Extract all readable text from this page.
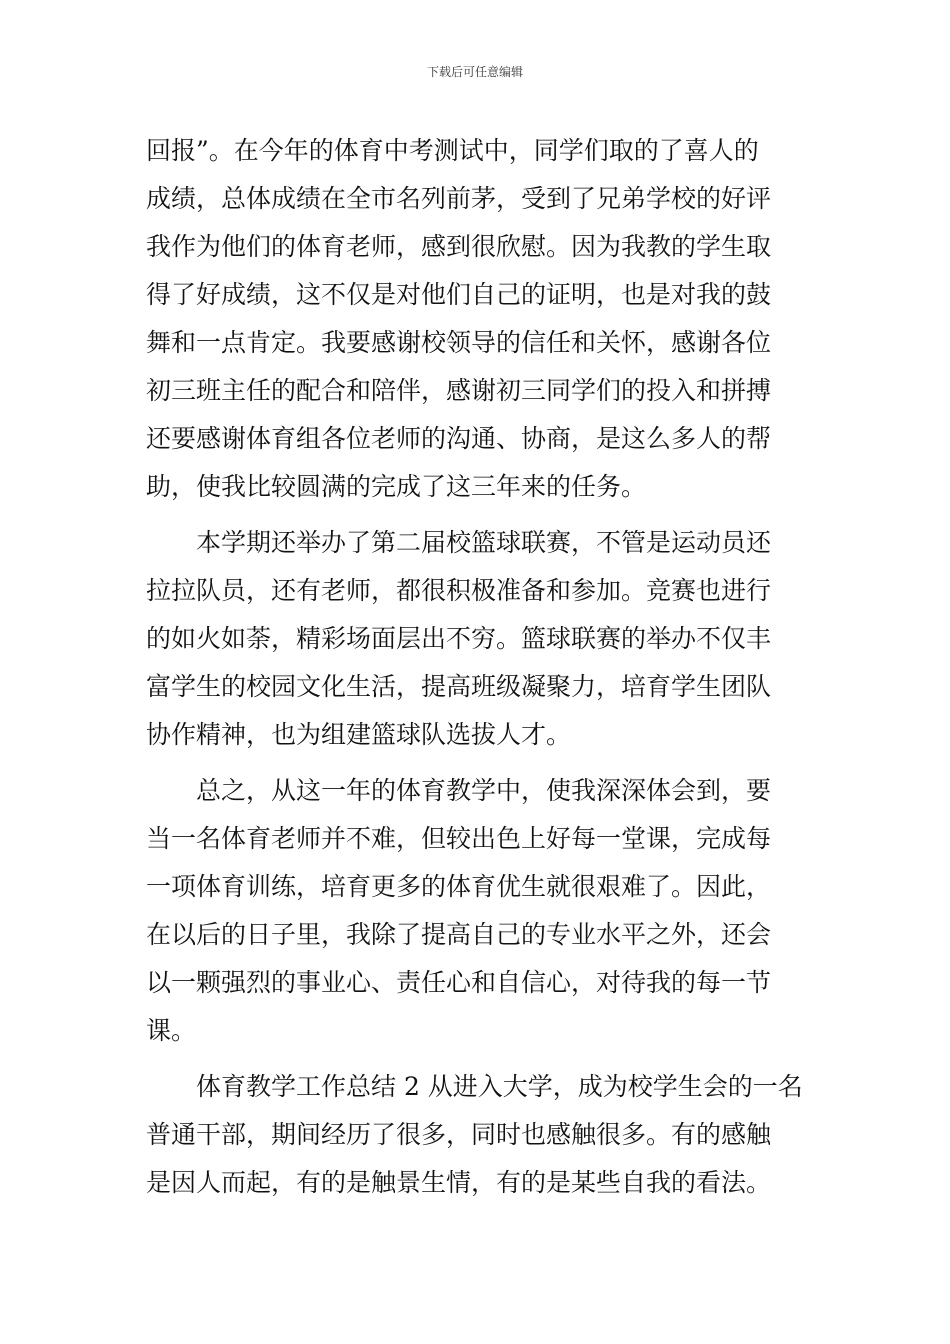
下载后可任意编辑
回报”。在今年的体育中考测试中，同学们取的了喜人的
成绩，总体成绩在全市名列前茅，受到了兄弟学校的好评
我作为他们的体育老师，感到很欣慰。因为我教的学生取
得了好成绩，这不仅是对他们自己的证明，也是对我的鼓
舞和一点肯定。我要感谢校领导的信任和关怀，感谢各位
初三班主任的配合和陪伴，感谢初三同学们的投入和拼搏
还要感谢体育组各位老师的沟通、协商，是这么多人的帮
助，使我比较圆满的完成了这三年来的任务。
　　本学期还举办了第二届校篮球联赛，不管是运动员还
拉拉队员，还有老师，都很积极准备和参加。竞赛也进行
的如火如荼，精彩场面层出不穷。篮球联赛的举办不仅丰
富学生的校园文化生活，提高班级凝聚力，培育学生团队
协作精神，也为组建篮球队选拔人才。
　　总之，从这一年的体育教学中，使我深深体会到，要
当一名体育老师并不难，但较出色上好每一堂课，完成每
一项体育训练，培育更多的体育优生就很艰难了。因此，
在以后的日子里，我除了提高自己的专业水平之外，还会
以一颗强烈的事业心、责任心和自信心，对待我的每一节
课。
　　体育教学工作总结 2 从进入大学，成为校学生会的一名
普通干部，期间经历了很多，同时也感触很多。有的感触
是因人而起，有的是触景生情，有的是某些自我的看法。
